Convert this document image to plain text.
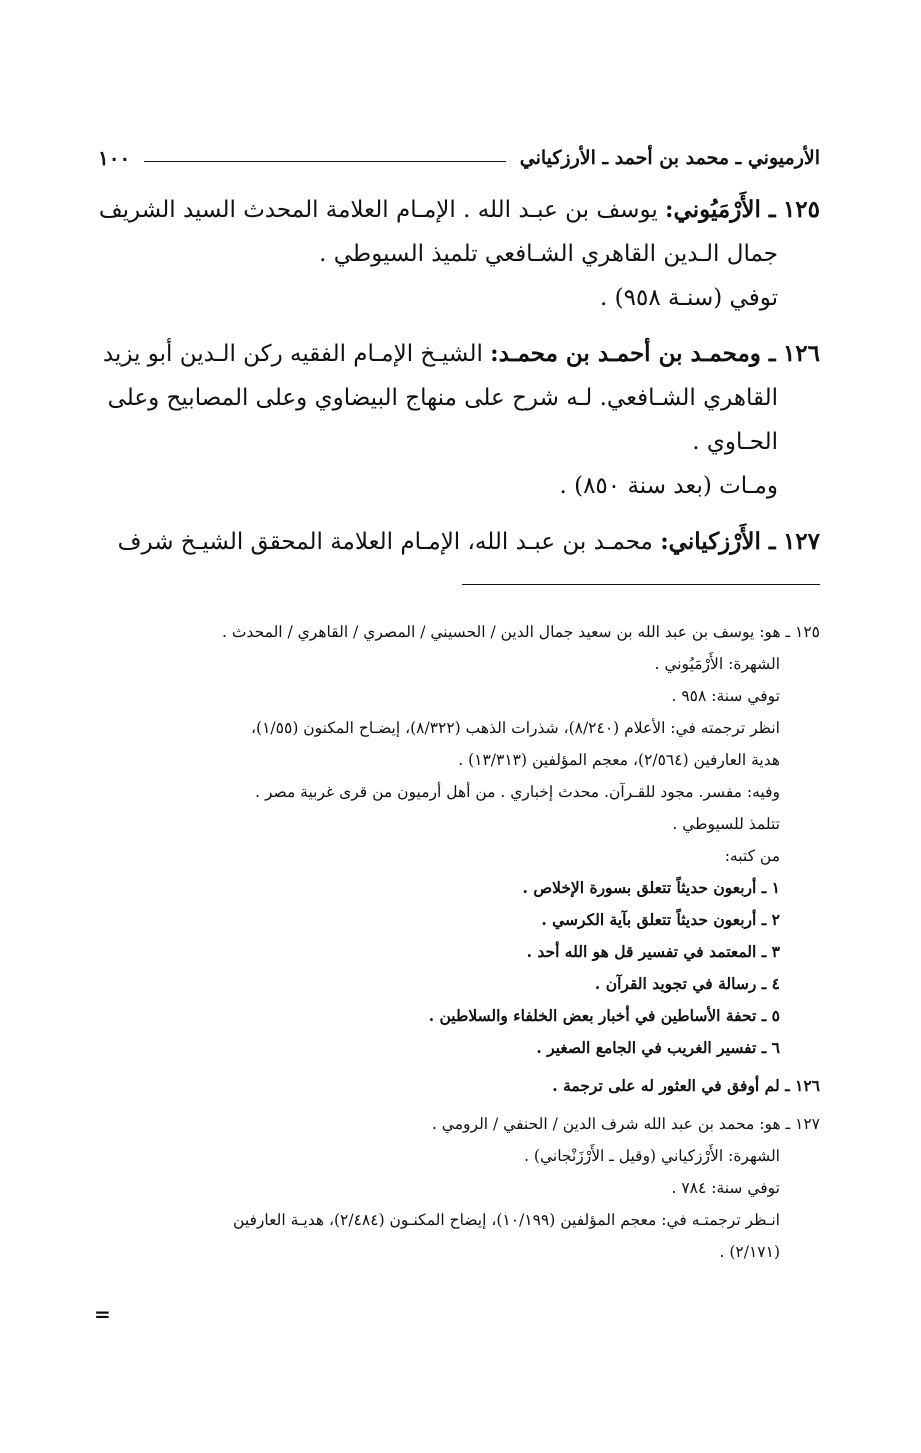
الأرميوني ـ محمد بن أحمد ـ الأرزكياني
١٠٠
١٢٥ ـ الأَرْمَيُوني: يوسف بن عبـد الله . الإمـام العلامة المحدث السيد الشريف
جمال الـدين القاهري الشـافعي تلميذ السيوطي .
توفي (سنـة ٩٥٨) .
١٢٦ ـ ومحمـد بن أحمـد بن محمـد: الشيـخ الإمـام الفقيه ركن الـدين أبو يزيد
القاهري الشـافعي. لـه شرح على منهاج البيضاوي وعلى المصابيح وعلى
الحـاوي .
ومـات (بعد سنة ٨٥٠) .
١٢٧ ـ الأَرْزكياني: محمـد بن عبـد الله، الإمـام العلامة المحقق الشيـخ شرف
١٢٥ ـ هو: يوسف بن عبد الله بن سعيد جمال الدين / الحسيني / المصري / القاهري / المحدث .
الشهرة: الأَرْمَيُوني .
توفي سنة: ٩٥٨ .
انظر ترجمته في: الأعلام (٨/٢٤٠)، شذرات الذهب (٨/٣٢٢)، إيضـاح المكنون (١/٥٥)،
هدية العارفين (٢/٥٦٤)، معجم المؤلفين (١٣/٣١٣) .
وفيه: مفسر. مجود للقـرآن. محدث إخباري . من أهل أرميون من قرى غربية مصر .
تتلمذ للسيوطي .
من كتبه:
١ ـ أربعون حديثاً تتعلق بسورة الإخلاص .
٢ ـ أربعون حديثاً تتعلق بآية الكرسي .
٣ ـ المعتمد في تفسير قل هو الله أحد .
٤ ـ رسالة في تجويد القرآن .
٥ ـ تحفة الأساطين في أخبار بعض الخلفاء والسلاطين .
٦ ـ تفسير الغريب في الجامع الصغير .
١٢٦ ـ لم أوفق في العثور له على ترجمة .
١٢٧ ـ هو: محمد بن عبد الله شرف الدين / الحنفي / الرومي .
الشهرة: الأَرْزكياني (وقيل ـ الأَرْزَنْجاني) .
توفي سنة: ٧٨٤ .
انـظر ترجمتـه في: معجم المؤلفين (١٠/١٩٩)، إيضاح المكنـون (٢/٤٨٤)، هديـة العارفين
(٢/١٧١) .
=
